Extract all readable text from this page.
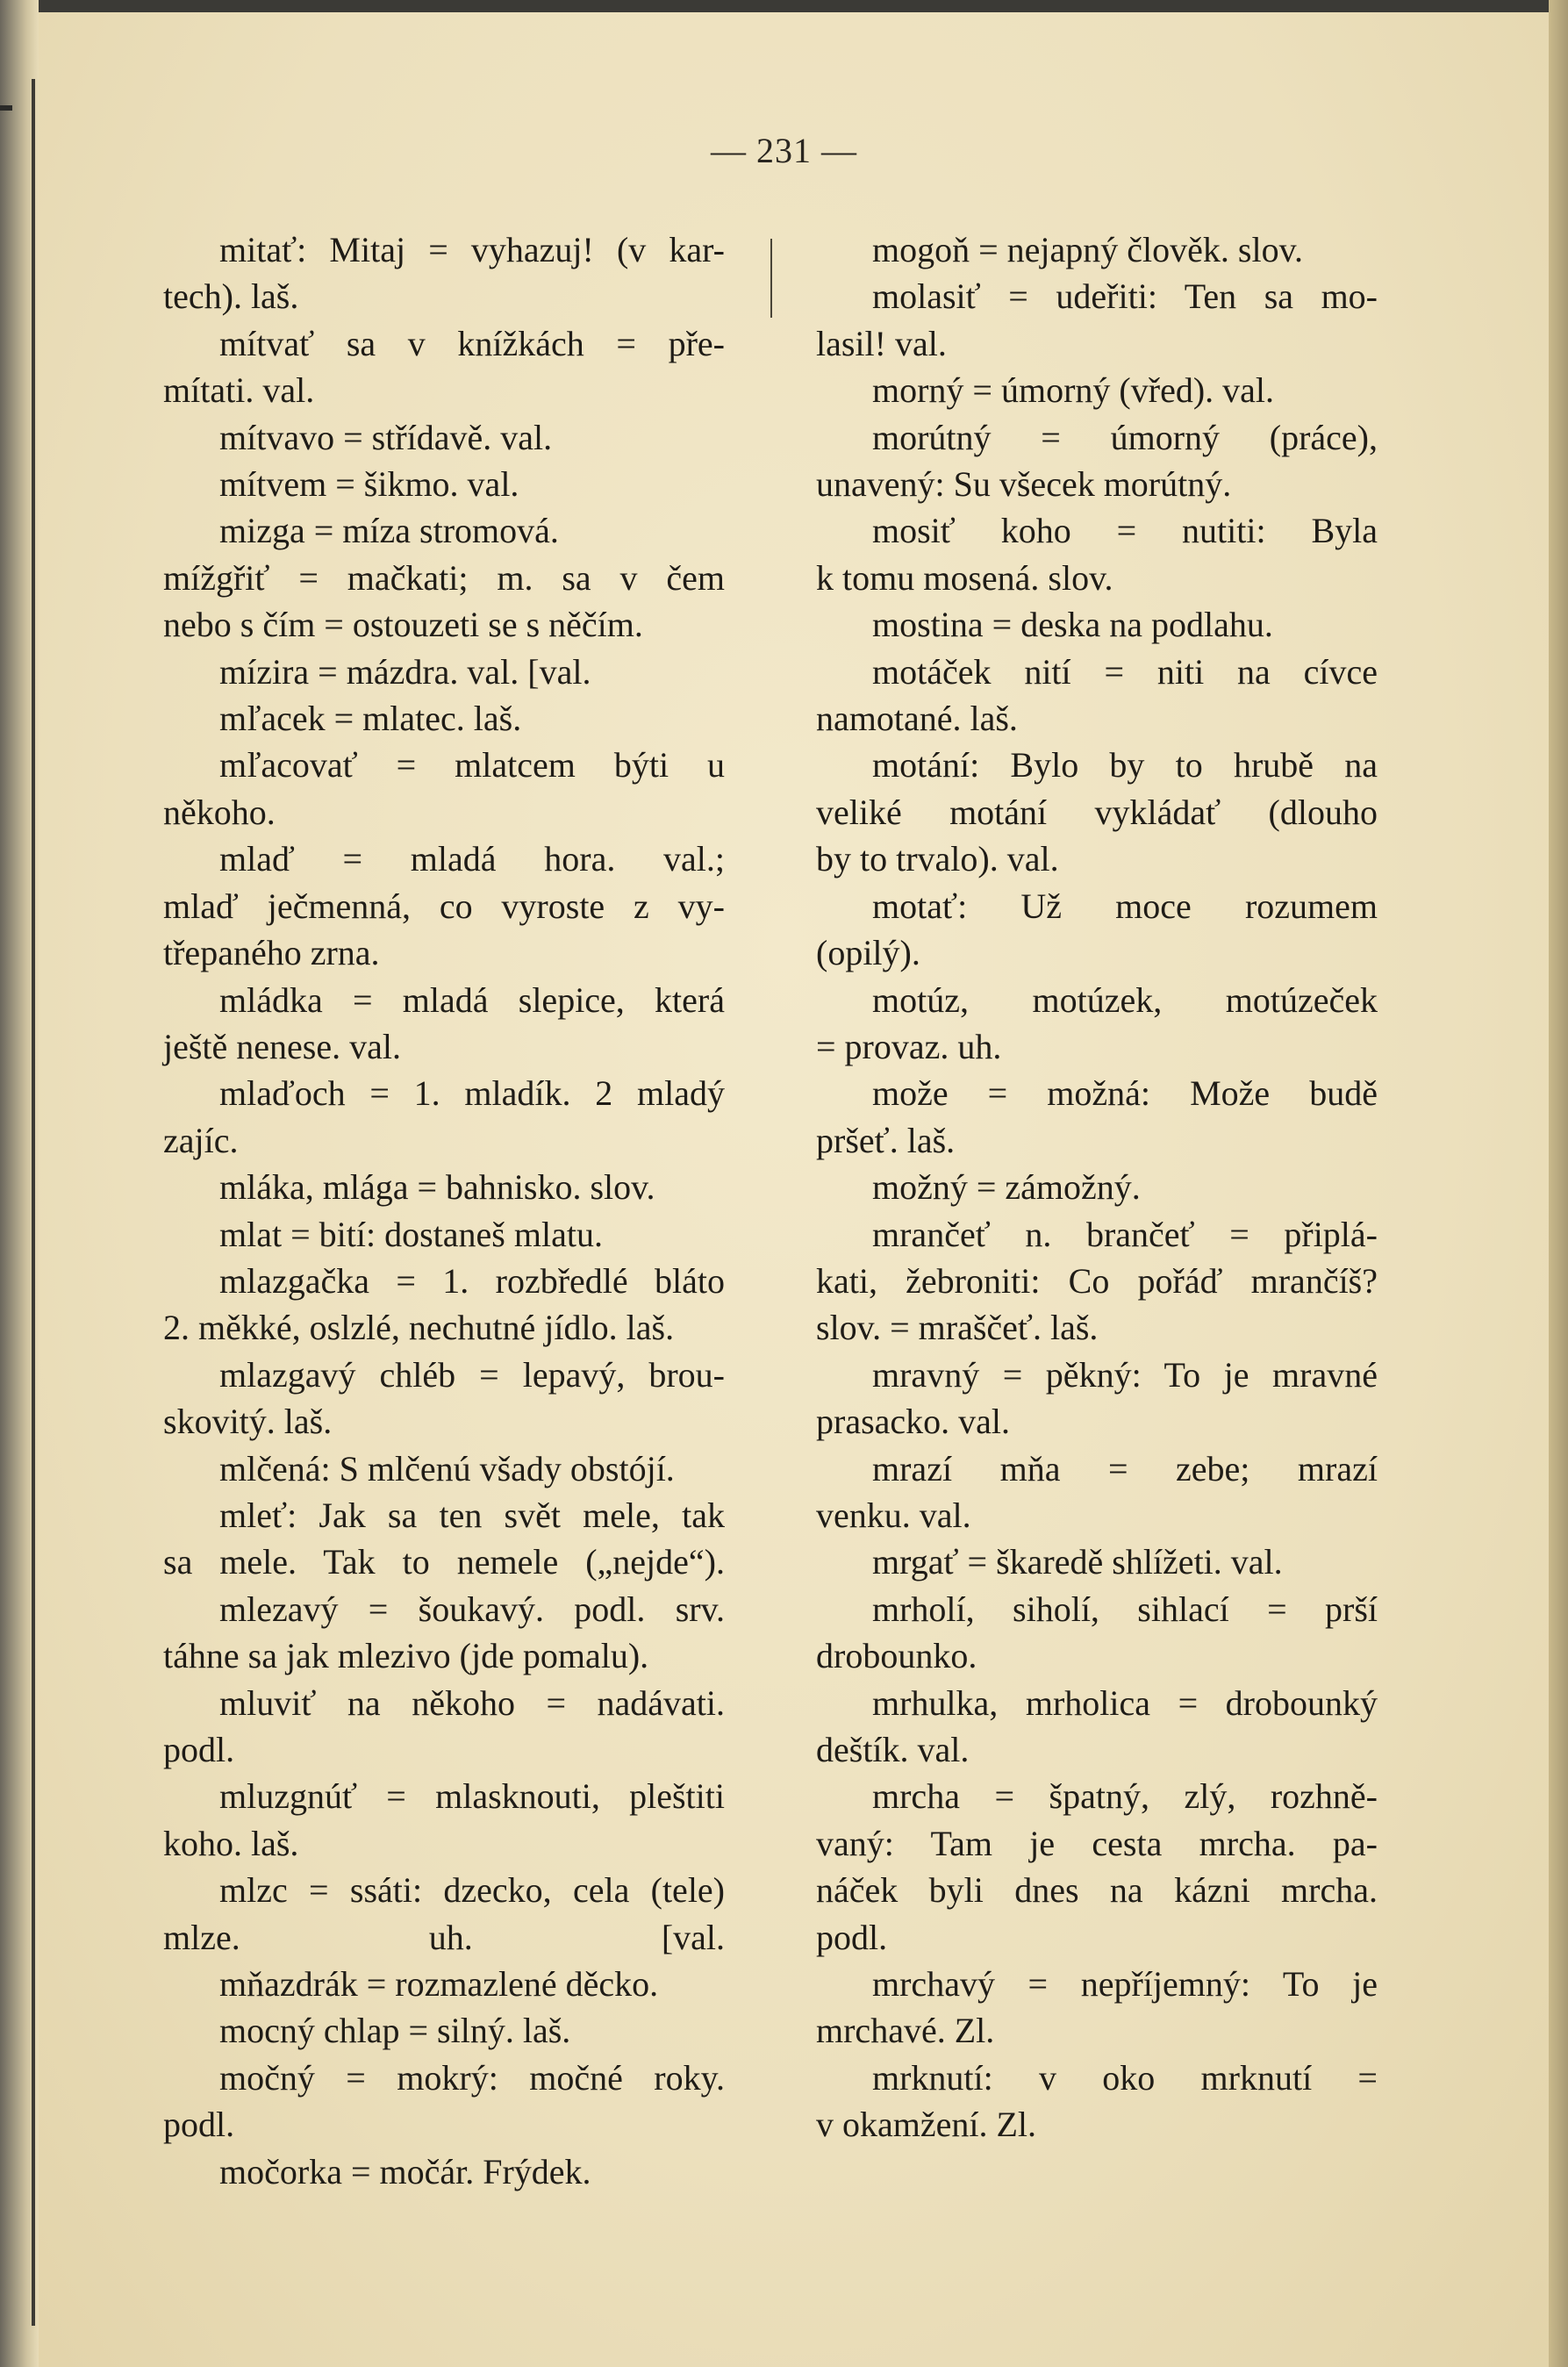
— 231 —
mitať: Mitaj = vyhazuj! (v kar-
tech). laš.
mítvať sa v knížkách = pře-
mítati. val.
mítvavo = střídavě. val.
mítvem = šikmo. val.
mizga = míza stromová.
mížgřiť = mačkati; m. sa v čem
nebo s čím = ostouzeti se s něčím.
mízira = mázdra. val. [val.
mľacek = mlatec. laš.
mľacovať = mlatcem býti u
někoho.
mlaď = mladá hora. val.;
mlaď ječmenná, co vyroste z vy-
třepaného zrna.
mládka = mladá slepice, která
ještě nenese. val.
mlaďoch = 1. mladík. 2 mladý
zajíc.
mláka, mlága = bahnisko. slov.
mlat = bití: dostaneš mlatu.
mlazgačka = 1. rozbředlé bláto
2. měkké, oslzlé, nechutné jídlo. laš.
mlazgavý chléb = lepavý, brou-
skovitý. laš.
mlčená: S mlčenú všady obstójí.
mleť: Jak sa ten svět mele, tak
sa mele. Tak to nemele („nejde“).
mlezavý = šoukavý. podl. srv.
táhne sa jak mlezivo (jde pomalu).
mluviť na někoho = nadávati.
podl.
mluzgnúť = mlasknouti, pleštiti
koho. laš.
mlzc = ssáti: dzecko, cela (tele)
mlze. uh. [val.
mňazdrák = rozmazlené děcko.
mocný chlap = silný. laš.
močný = mokrý: močné roky.
podl.
močorka = močár. Frýdek.
mogoň = nejapný člověk. slov.
molasiť = udeřiti: Ten sa mo-
lasil! val.
morný = úmorný (vřed). val.
morútný = úmorný (práce),
unavený: Su všecek morútný.
mosiť koho = nutiti: Byla
k tomu mosená. slov.
mostina = deska na podlahu.
motáček nití = niti na cívce
namotané. laš.
motání: Bylo by to hrubě na
veliké motání vykládať (dlouho
by to trvalo). val.
motať: Už moce rozumem
(opilý).
motúz, motúzek, motúzeček
= provaz. uh.
može = možná: Može budě
pršeť. laš.
možný = zámožný.
mrančeť n. brančeť = připlá-
kati, žebroniti: Co pořáď mrančíš?
slov. = mraščeť. laš.
mravný = pěkný: To je mravné
prasacko. val.
mrazí mňa = zebe; mrazí
venku. val.
mrgať = škaredě shlížeti. val.
mrholí, siholí, sihlací = prší
drobounko.
mrhulka, mrholica = drobounký
deštík. val.
mrcha = špatný, zlý, rozhně-
vaný: Tam je cesta mrcha. pa-
náček byli dnes na kázni mrcha.
podl.
mrchavý = nepříjemný: To je
mrchavé. Zl.
mrknutí: v oko mrknutí =
v okamžení. Zl.
